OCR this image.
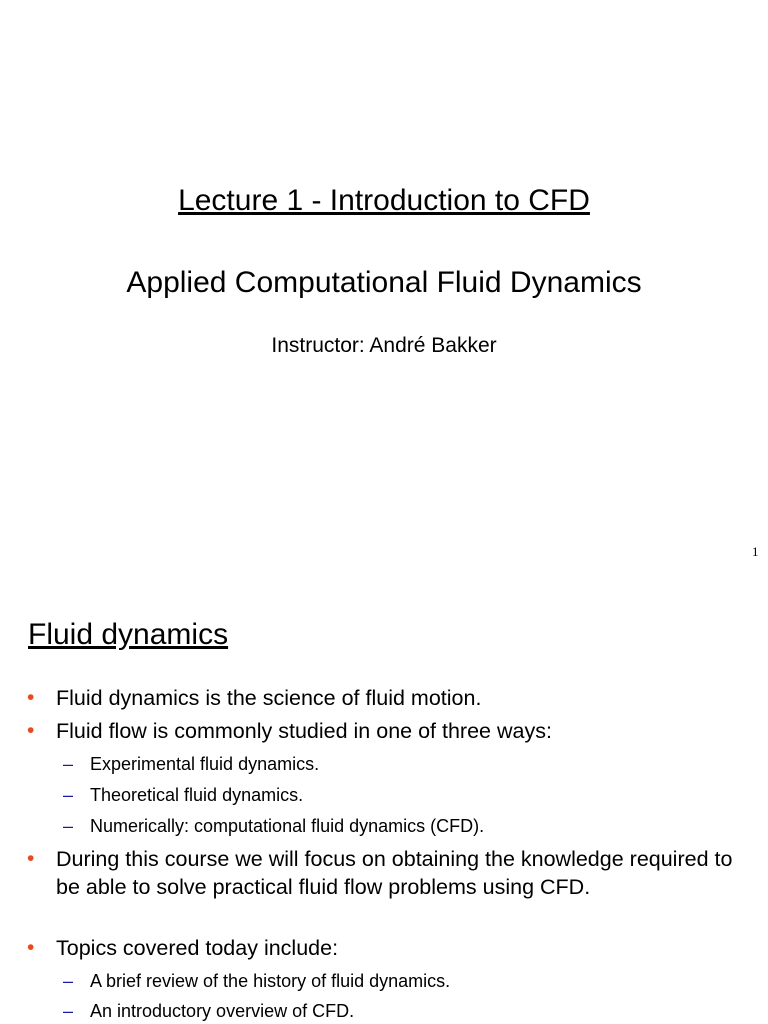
Lecture 1 - Introduction to CFD
Applied Computational Fluid Dynamics
Instructor: André Bakker
1
Fluid dynamics
• Fluid dynamics is the science of fluid motion.
• Fluid flow is commonly studied in one of three ways:
– Experimental fluid dynamics.
– Theoretical fluid dynamics.
– Numerically: computational fluid dynamics (CFD).
• During this course we will focus on obtaining the knowledge required to be able to solve practical fluid flow problems using CFD.
• Topics covered today include:
– A brief review of the history of fluid dynamics.
– An introductory overview of CFD.
